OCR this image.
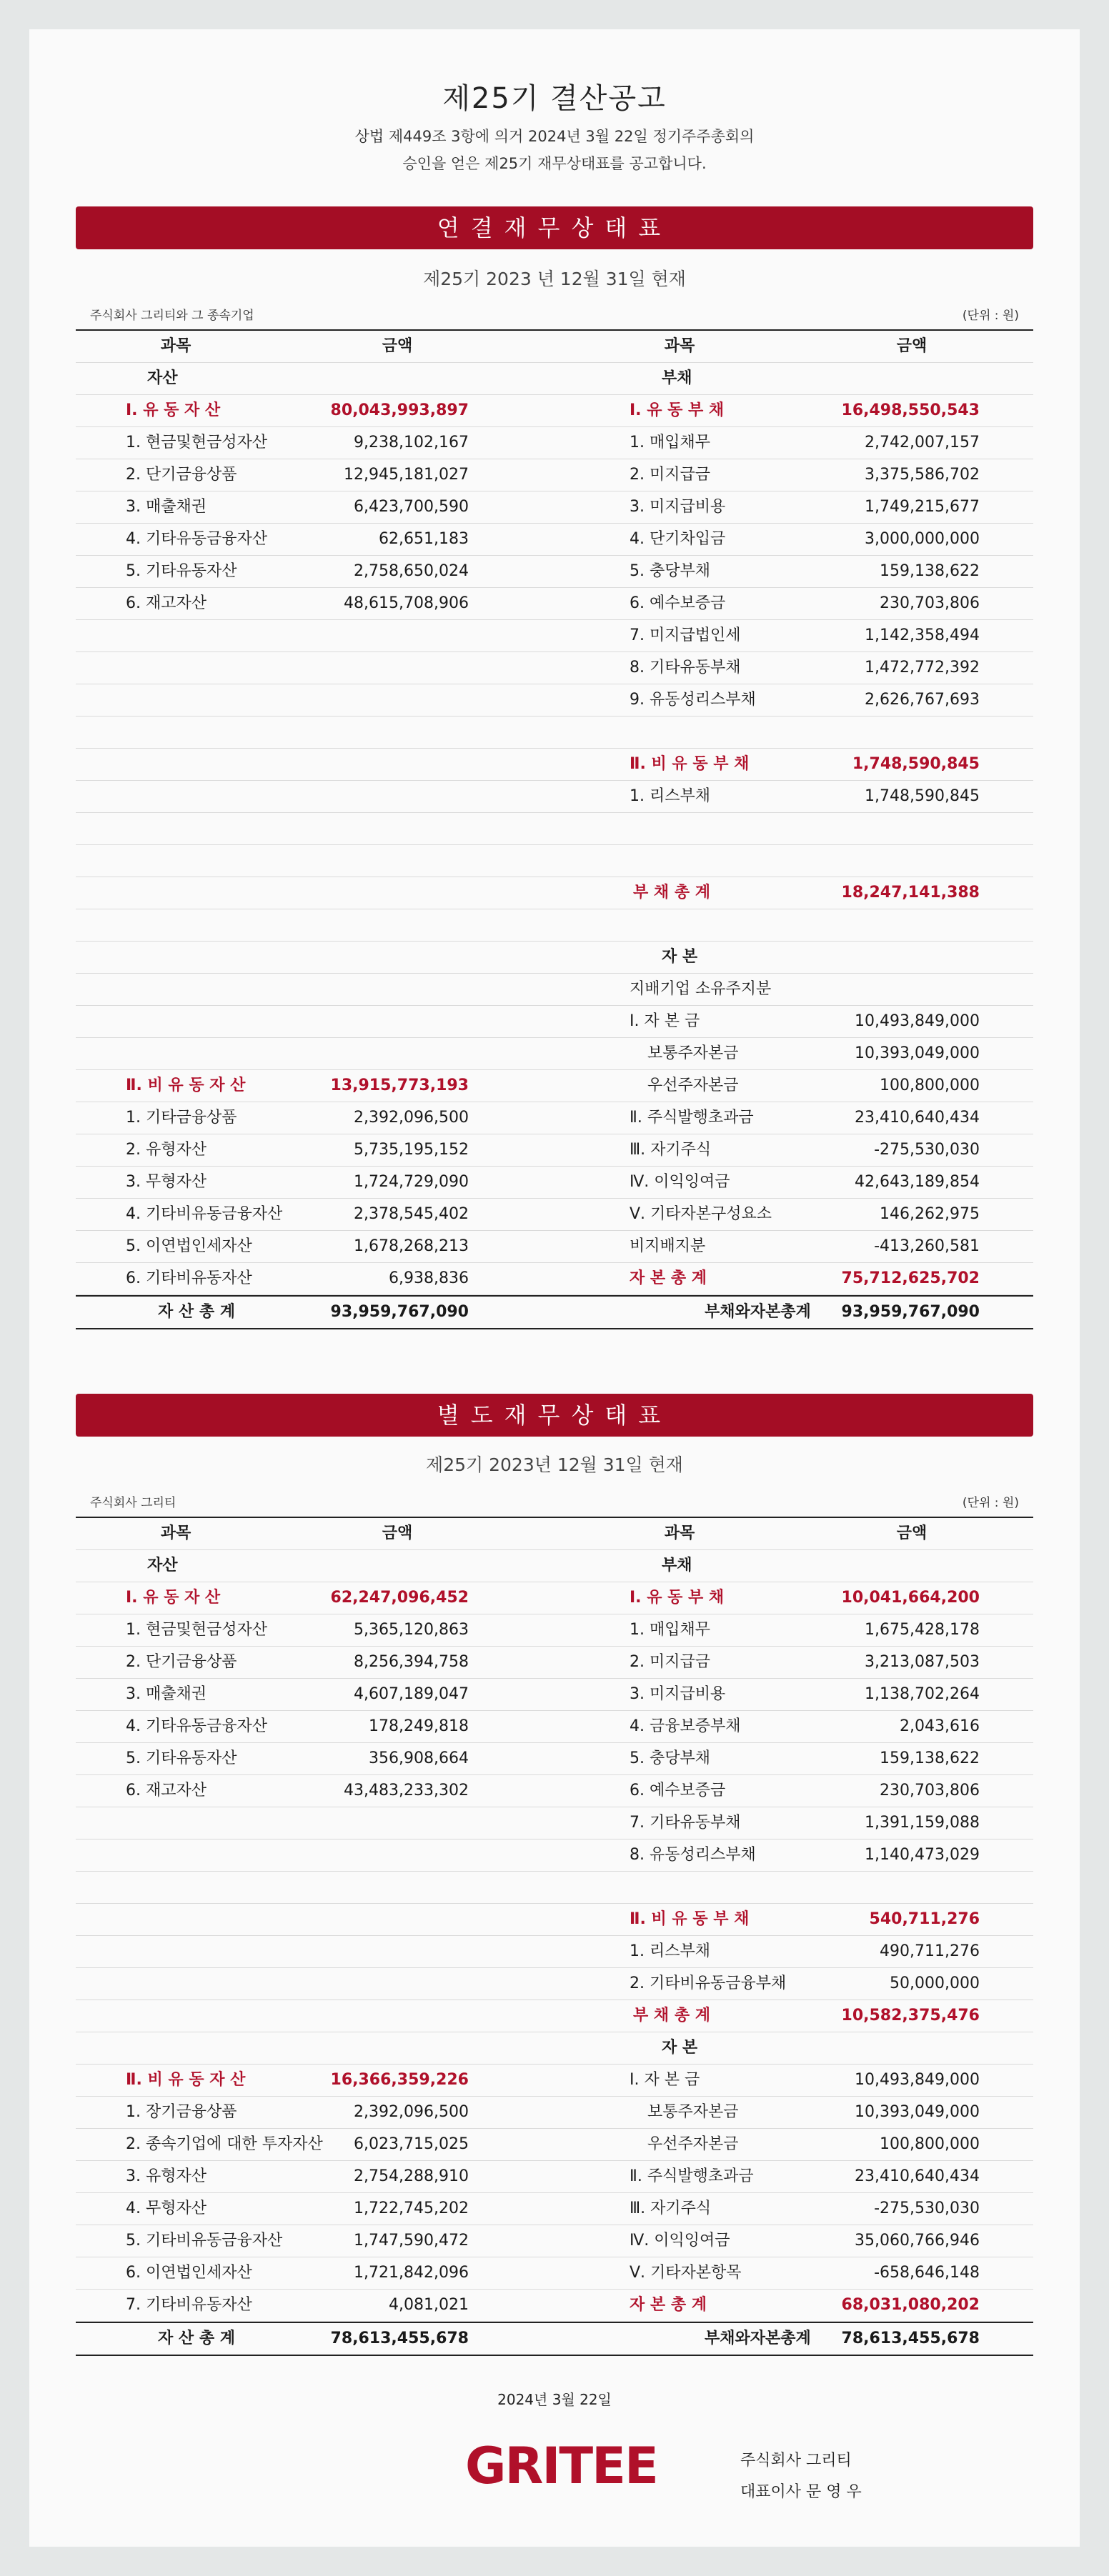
제25기 결산공고
상법 제449조 3항에 의거 2024년 3월 22일 정기주주총회의
승인을 얻은 제25기 재무상태표를 공고합니다.
연결재무상태표
제25기 2023 년 12월 31일 현재
주식회사 그리티와 그 종속기업	(단위 : 원)
과목	금액	과목	금액
자산	부채
Ⅰ. 유 동 자 산	80,043,993,897	Ⅰ. 유 동 부 채	16,498,550,543
1. 현금및현금성자산	9,238,102,167	1. 매입채무	2,742,007,157
2. 단기금융상품	12,945,181,027	2. 미지급금	3,375,586,702
3. 매출채권	6,423,700,590	3. 미지급비용	1,749,215,677
4. 기타유동금융자산	62,651,183	4. 단기차입금	3,000,000,000
5. 기타유동자산	2,758,650,024	5. 충당부채	159,138,622
6. 재고자산	48,615,708,906	6. 예수보증금	230,703,806
7. 미지급법인세	1,142,358,494
8. 기타유동부채	1,472,772,392
9. 유동성리스부채	2,626,767,693
Ⅱ. 비 유 동 부 채	1,748,590,845
1. 리스부채	1,748,590,845
부 채 총 계	18,247,141,388
자 본
지배기업 소유주지분
Ⅰ. 자 본 금	10,493,849,000
보통주자본금	10,393,049,000
Ⅱ. 비 유 동 자 산	13,915,773,193	우선주자본금	100,800,000
1. 기타금융상품	2,392,096,500	Ⅱ. 주식발행초과금	23,410,640,434
2. 유형자산	5,735,195,152	Ⅲ. 자기주식	-275,530,030
3. 무형자산	1,724,729,090	Ⅳ. 이익잉여금	42,643,189,854
4. 기타비유동금융자산	2,378,545,402	Ⅴ. 기타자본구성요소	146,262,975
5. 이연법인세자산	1,678,268,213	비지배지분	-413,260,581
6. 기타비유동자산	6,938,836	자 본 총 계	75,712,625,702
자 산 총 계	93,959,767,090	부채와자본총계 93,959,767,090
별도재무상태표
제25기 2023년 12월 31일 현재
주식회사 그리티	(단위 : 원)
과목	금액	과목	금액
자산	부채
Ⅰ. 유 동 자 산	62,247,096,452	Ⅰ. 유 동 부 채	10,041,664,200
1. 현금및현금성자산	5,365,120,863	1. 매입채무	1,675,428,178
2. 단기금융상품	8,256,394,758	2. 미지급금	3,213,087,503
3. 매출채권	4,607,189,047	3. 미지급비용	1,138,702,264
4. 기타유동금융자산	178,249,818	4. 금융보증부채	2,043,616
5. 기타유동자산	356,908,664	5. 충당부채	159,138,622
6. 재고자산	43,483,233,302	6. 예수보증금	230,703,806
7. 기타유동부채	1,391,159,088
8. 유동성리스부채	1,140,473,029
Ⅱ. 비 유 동 부 채	540,711,276
1. 리스부채	490,711,276
2. 기타비유동금융부채	50,000,000
부 채 총 계	10,582,375,476
자 본
Ⅱ. 비 유 동 자 산	16,366,359,226	Ⅰ. 자 본 금	10,493,849,000
1. 장기금융상품	2,392,096,500	보통주자본금	10,393,049,000
2. 종속기업에 대한 투자자산 6,023,715,025	우선주자본금	100,800,000
3. 유형자산	2,754,288,910	Ⅱ. 주식발행초과금	23,410,640,434
4. 무형자산	1,722,745,202	Ⅲ. 자기주식	-275,530,030
5. 기타비유동금융자산	1,747,590,472	Ⅳ. 이익잉여금	35,060,766,946
6. 이연법인세자산	1,721,842,096	Ⅴ. 기타자본항목	-658,646,148
7. 기타비유동자산	4,081,021	자 본 총 계	68,031,080,202
자 산 총 계	78,613,455,678	부채와자본총계 78,613,455,678
2024년 3월 22일
GRITEE	주식회사 그리티
대표이사 문 영 우
